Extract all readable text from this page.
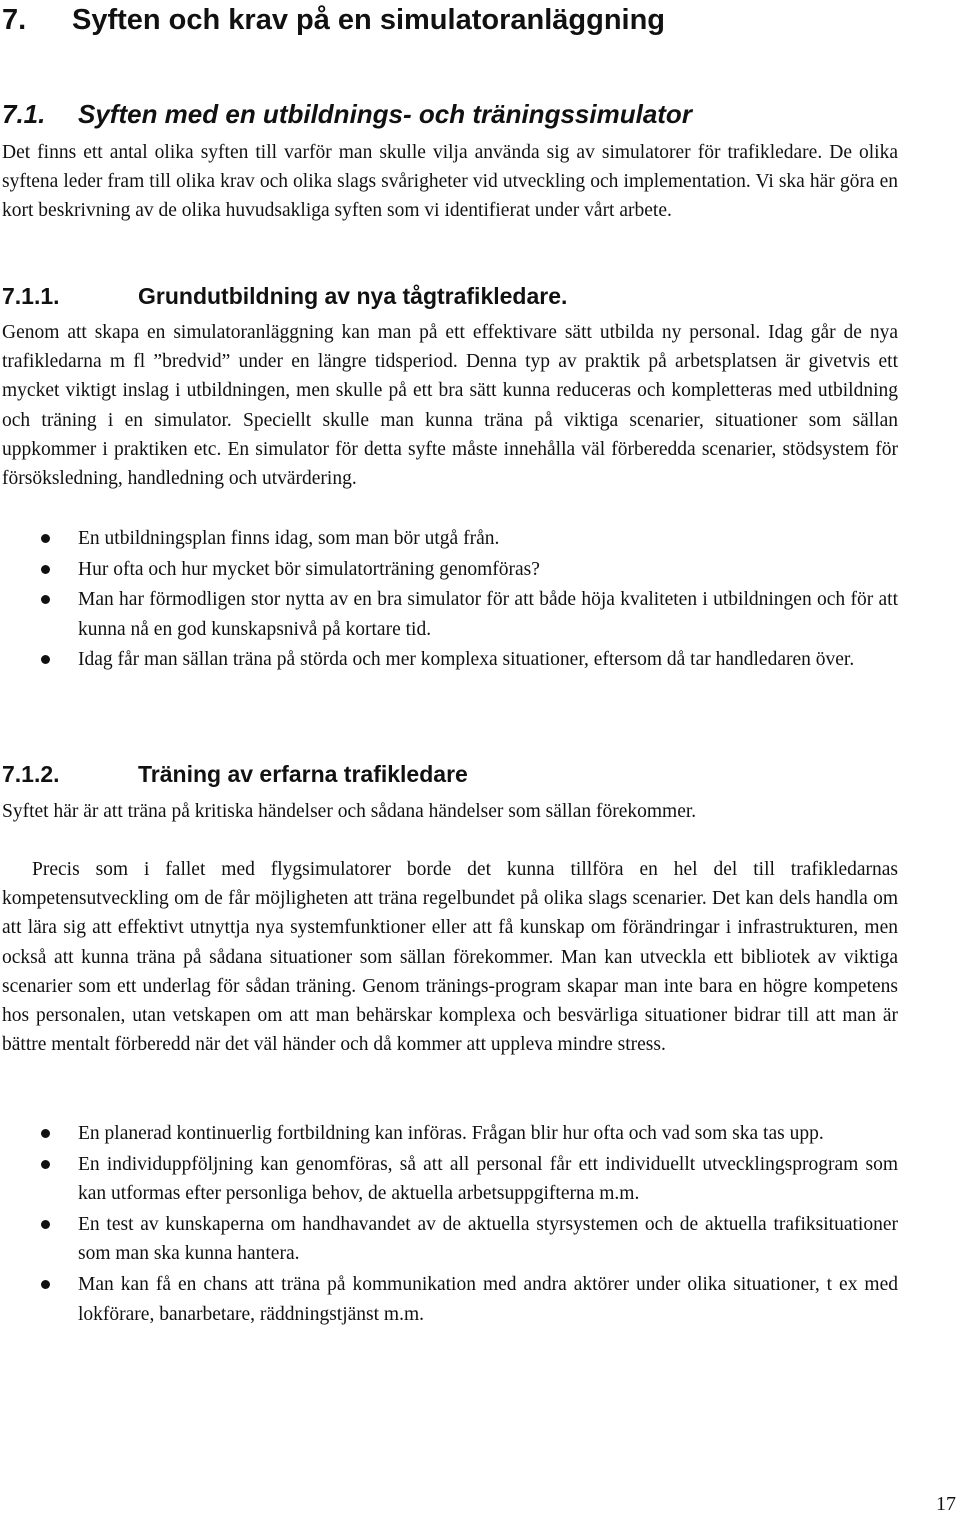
7. Syften och krav på en simulatoranläggning
7.1. Syften med en utbildnings- och träningssimulator

Det finns ett antal olika syften till varför man skulle vilja använda sig av simulatorer för trafikledare. De olika syftena leder fram till olika krav och olika slags svårigheter vid utveckling och implementation. Vi ska här göra en kort beskrivning av de olika huvudsakliga syften som vi identifierat under vårt arbete.

7.1.1.	Grundutbildning av nya tågtrafikledare.

Genom att skapa en simulatoranläggning kan man på ett effektivare sätt utbilda ny personal. Idag går de nya trafikledarna m fl ”bredvid” under en längre tidsperiod. Denna typ av praktik på arbetsplatsen är givetvis ett mycket viktigt inslag i utbildningen, men skulle på ett bra sätt kunna reduceras och kompletteras med utbildning och träning i en simulator. Speciellt skulle man kunna träna på viktiga scenarier, situationer som sällan uppkommer i praktiken etc. En simulator för detta syfte måste innehålla väl förberedda scenarier, stödsystem för försöksledning, handledning och utvärdering.

En utbildningsplan finns idag, som man bör utgå från.
Hur ofta och hur mycket bör simulatorträning genomföras?
Man har förmodligen stor nytta av en bra simulator för att både höja kvaliteten i utbildningen och för att kunna nå en god kunskapsnivå på kortare tid.
Idag får man sällan träna på störda och mer komplexa situationer, eftersom då tar handledaren över.
7.1.2.	Träning av erfarna trafikledare

Syftet här är att träna på kritiska händelser och sådana händelser som sällan förekommer.

Precis som i fallet med flygsimulatorer borde det kunna tillföra en hel del till trafikledarnas kompetensutveckling om de får möjligheten att träna regelbundet på olika slags scenarier. Det kan dels handla om att lära sig att effektivt utnyttja nya systemfunktioner eller att få kunskap om förändringar i infrastrukturen, men också att kunna träna på sådana situationer som sällan förekommer. Man kan utveckla ett bibliotek av viktiga scenarier som ett underlag för sådan träning. Genom tränings-program skapar man inte bara en högre kompetens hos personalen, utan vetskapen om att man behärskar komplexa och besvärliga situationer bidrar till att man är bättre mentalt förberedd när det väl händer och då kommer att uppleva mindre stress.

En planerad kontinuerlig fortbildning kan införas. Frågan blir hur ofta och vad som ska tas upp.
En individuppföljning kan genomföras, så att all personal får ett individuellt utvecklingsprogram som kan utformas efter personliga behov, de aktuella arbetsuppgifterna m.m.
En test av kunskaperna om handhavandet av de aktuella styrsystemen och de aktuella trafiksituationer som man ska kunna hantera.
Man kan få en chans att träna på kommunikation med andra aktörer under olika situationer, t ex med lokförare, banarbetare, räddningstjänst m.m.
17
